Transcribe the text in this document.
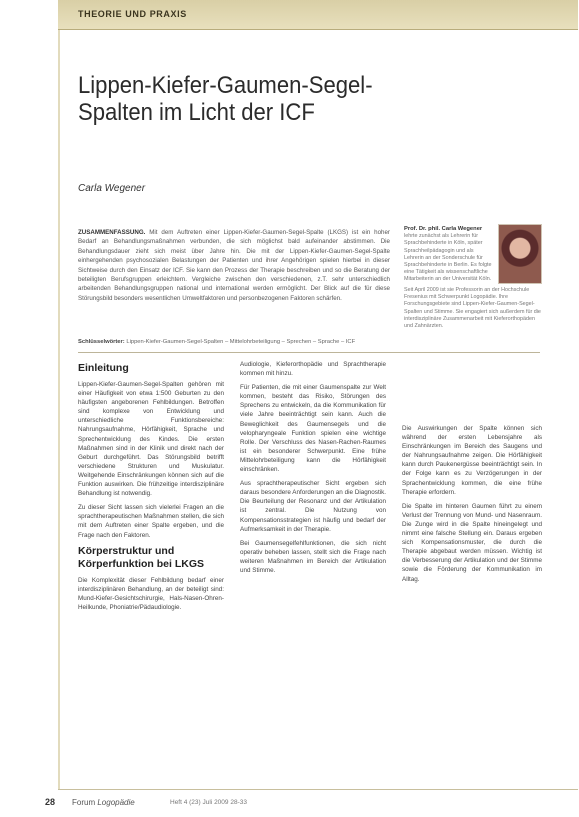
THEORIE UND PRAXIS
Lippen-Kiefer-Gaumen-Segel-
Spalten im Licht der ICF
Carla Wegener
ZUSAMMENFASSUNG. Mit dem Auftreten einer Lippen-Kiefer-Gaumen-Segel-Spalte (LKGS) ist ein hoher Bedarf an Behandlungsmaßnahmen verbunden, die sich möglichst bald aufeinander abstimmen. Die Behandlungsdauer zieht sich meist über Jahre hin. Die mit der Lippen-Kiefer-Gaumen-Segel-Spalte einhergehenden psychosozialen Belastungen der Patienten und ihrer Angehörigen spielen hierbei in dieser Sichtweise durch den Einsatz der ICF. Sie kann den Prozess der Therapie beschreiben und so die Beratung der beteiligten Berufsgruppen erleichtern. Vergleiche zwischen den verschiedenen, z.T. sehr unterschiedlich arbeitenden Behandlungsgruppen national und international werden ermöglicht. Der Blick auf die für diese Störungsbild besonders wesentlichen Umweltfaktoren und personbezogenen Faktoren schärfen.
Schlüsselwörter: Lippen-Kiefer-Gaumen-Segel-Spalten – Mittelohrbeteiligung – Sprechen – Sprache – ICF
Prof. Dr. phil. Carla Wegener
lehrte zunächst als Lehrerin für Sprachbehinderte in Köln, später Sprachheilpädagogin und als Lehrerin an der Sonderschule für Sprachbehinderte in Berlin. Es folgte eine Tätigkeit als wissenschaftliche Mitarbeiterin an der Universität Köln.
Seit April 2009 ist sie Professorin an der Hochschule Fresenius mit Schwerpunkt Logopädie. Ihre Forschungsgebiete sind Lippen-Kiefer-Gaumen-Segel-Spalten und Stimme. Sie engagiert sich außerdem für die interdisziplinäre Zusammenarbeit mit Kieferorthopäden und Zahnärzten.
Einleitung

Lippen-Kiefer-Gaumen-Segel-Spalten gehören mit einer Häufigkeit von etwa 1:500 Geburten zu den häufigsten angeborenen Fehlbildungen. Betroffen sind komplexe von Entwicklung und unterschiedliche Funktionsbereiche: Nahrungsaufnahme, Hörfähigkeit, Sprache und Sprechentwicklung des Kindes. Die ersten Maßnahmen sind in der Klinik und direkt nach der Geburt durchgeführt. Das Störungsbild betrifft verschiedene Strukturen und Muskulatur. Weitgehende Einschränkungen können sich auf die Funktion auswirken. Die frühzeitige interdisziplinäre Behandlung ist notwendig.

Zu dieser Sicht lassen sich vielerlei Fragen an die sprachtherapeutischen Maßnahmen stellen, die sich mit dem Auftreten einer Spalte ergeben, und die Frage nach den Faktoren.

Körperstruktur und Körperfunktion bei LKGS

Die Komplexität dieser Fehlbildung bedarf einer interdisziplinären Behandlung, an der beteiligt sind: Mund-Kiefer-Gesichtschirurgie, Hals-Nasen-Ohren-Heilkunde, Phoniatrie/Pädaudiologie.

Audiologie, Kieferorthopädie und Sprachtherapie kommen mit hinzu.

Für Patienten, die mit einer Gaumenspalte zur Welt kommen, besteht das Risiko, Störungen des Sprechens zu entwickeln, da die Kommunikation für viele Jahre beeinträchtigt sein kann. Auch die Beweglichkeit des Gaumensegels und die velopharyngeale Funktion spielen eine wichtige Rolle. Der Verschluss des Nasen-Rachen-Raumes ist ein besonderer Schwerpunkt. Eine frühe Mittelohrbeteiligung kann die Hörfähigkeit einschränken.

Aus sprachtherapeutischer Sicht ergeben sich daraus besondere Anforderungen an die Diagnostik. Die Beurteilung der Resonanz und der Artikulation ist zentral. Die Nutzung von Kompensationsstrategien ist häufig und bedarf der Aufmerksamkeit in der Therapie.

Bei Gaumensegelfehlfunktionen, die sich nicht operativ beheben lassen, stellt sich die Frage nach weiteren Maßnahmen im Bereich der Artikulation und Stimme.

Die Auswirkungen der Spalte können sich während der ersten Lebensjahre als Einschränkungen im Bereich des Saugens und der Nahrungsaufnahme zeigen. Die Hörfähigkeit kann durch Paukenergüsse beeinträchtigt sein. In der Folge kann es zu Verzögerungen in der Sprachentwicklung kommen, die eine frühe Therapie erfordern.

Die Spalte im hinteren Gaumen führt zu einem Verlust der Trennung von Mund- und Nasenraum. Die Zunge wird in die Spalte hineingelegt und nimmt eine falsche Stellung ein. Daraus ergeben sich Kompensationsmuster, die durch die Therapie abgebaut werden müssen. Wichtig ist die Verbesserung der Artikulation und der Stimme sowie die Förderung der Kommunikation im Alltag.

28 Forum Logopädie	Heft 4 (23) Juli 2009 28-33
